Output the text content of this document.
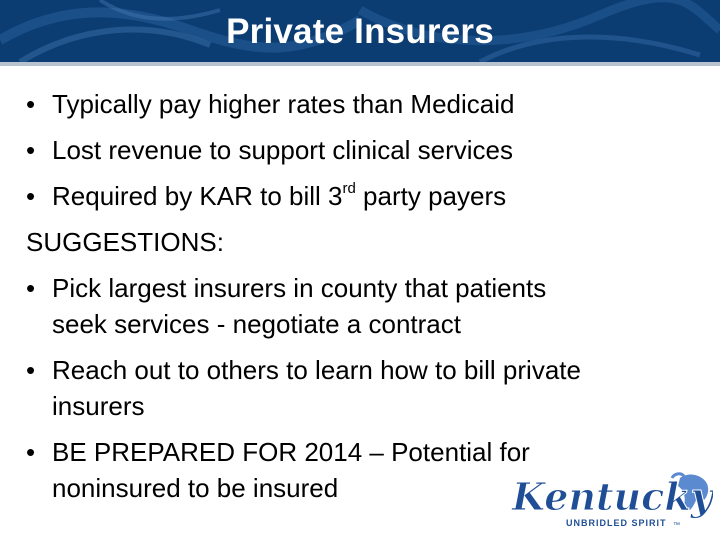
Private Insurers
• Typically pay higher rates than Medicaid
• Lost revenue to support clinical services
• Required by KAR to bill 3rd party payers
SUGGESTIONS:
• Pick largest insurers in county that patients
seek services - negotiate a contract
• Reach out to others to learn how to bill private
insurers
• BE PREPARED FOR 2014 – Potential for
noninsured to be insured	Kentucky
UNBRIDLED SPIRIT ™
